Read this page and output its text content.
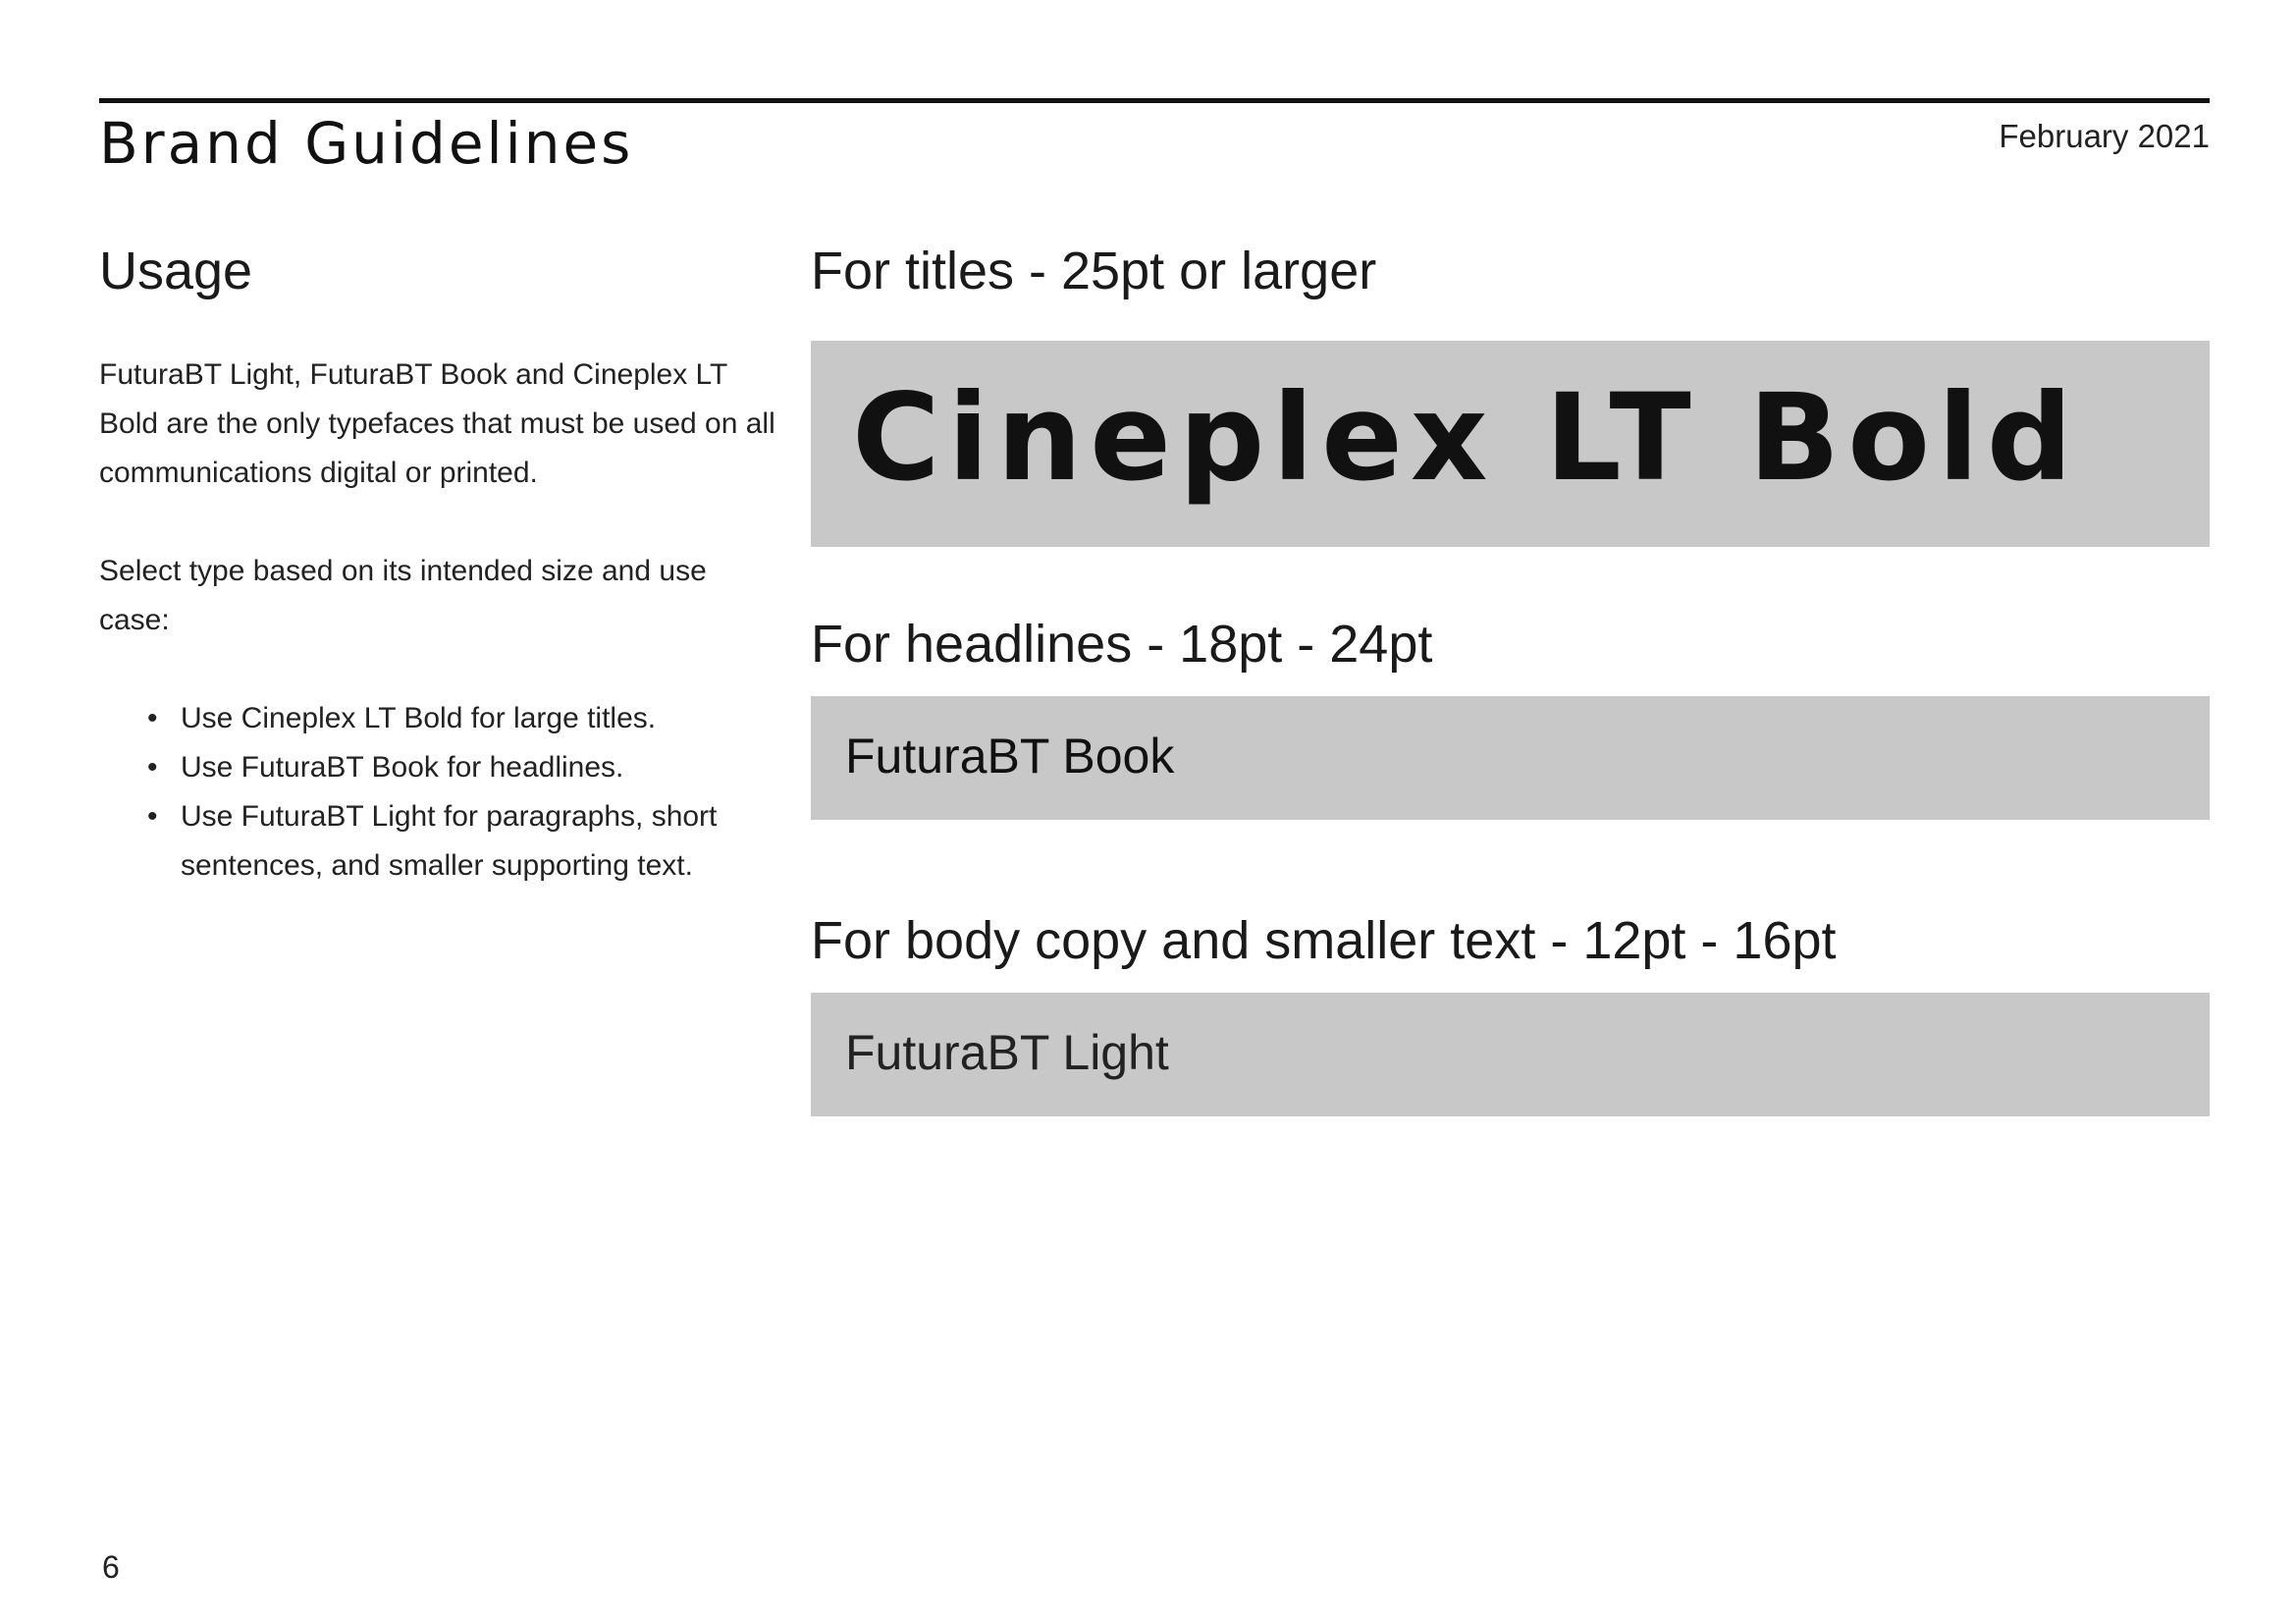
Brand Guidelines	February 2021
Usage

FuturaBT Light, FuturaBT Book and Cineplex LT Bold are the only typefaces that must be used on all communications digital or printed.

Select type based on its intended size and use case:

• Use Cineplex LT Bold for large titles.
• Use FuturaBT Book for headlines.
• Use FuturaBT Light for paragraphs, short sentences, and smaller supporting text.
For titles - 25pt or larger
Cineplex LT Bold
For headlines - 18pt - 24pt
FuturaBT Book
For body copy and smaller text - 12pt - 16pt
FuturaBT Light
6
